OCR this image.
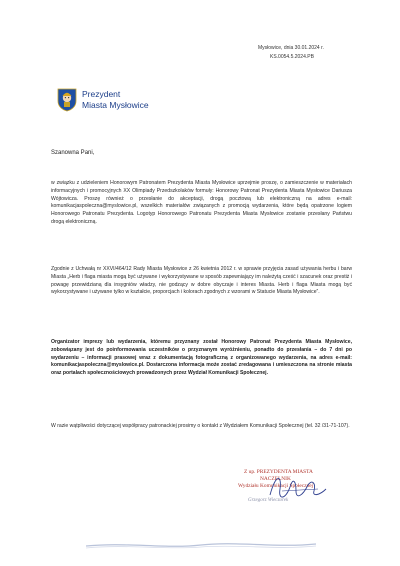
Mysłowice, dnia 30.01.2024 r.
KS.0054.5.2024.PB
Prezydent
Miasta Mysłowice
Szanowna Pani,
w związku z udzieleniem Honorowym Patronatem Prezydenta Miasta Mysłowice uprzejmie proszę, o zamieszczenie w materiałach informacyjnych i promocyjnych XX Olimpiady Przedszkolaków formuły: Honorowy Patronat Prezydenta Miasta Mysłowice Dariusza Wójtowicza. Proszę również o przesłanie do akceptacji, drogą pocztową lub elektroniczną na adres e-mail: komunikacjaspoleczna@myslowice.pl, wszelkich materiałów związanych z promocją wydarzenia, które będą opatrzone logiem Honorowego Patronatu Prezydenta. Logotyp Honorowego Patronatu Prezydenta Miasta Mysłowice zostanie przesłany Państwu drogą elektroniczną.
Zgodnie z Uchwałą nr XXVI/464/12 Rady Miasta Mysłowice z 26 kwietnia 2012 r. w sprawie przyjęcia zasad używania herbu i barw Miasta „Herb i flaga miasta mogą być używane i wykorzystywane w sposób zapewniający im należytą cześć i szacunek oraz prestiż i powagę przewidzianą dla insygniów władzy, nie godzący w dobre obyczaje i interes Miasta. Herb i flaga Miasta mogą być wykorzystywane i używane tylko w kształcie, proporcjach i kolorach zgodnych z wzorami w Statucie Miasta Mysłowice”.
Organizator imprezy lub wydarzenia, któremu przyznany został Honorowy Patronat Prezydenta Miasta Mysłowice, zobowiązany jest do poinformowania uczestników o przyznanym wyróżnieniu, ponadto do przesłania – do 7 dni po wydarzeniu – informacji prasowej wraz z dokumentacją fotograficzną z organizowanego wydarzenia, na adres e-mail: komunikacjaspoleczna@myslowice.pl. Dostarczona informacja może zostać zredagowana i umieszczona na stronie miasta oraz portalach społecznościowych prowadzonych przez Wydział Komunikacji Społecznej.
W razie wątpliwości dotyczącej współpracy patronackiej prosimy o kontakt z Wydziałem Komunikacji Społecznej (tel. 32 /31-71-107).
Z up. PREZYDENTA MIASTA
NACZELNIK
Wydziału Komunikacji Społecznej
Grzegorz Wieczorek
